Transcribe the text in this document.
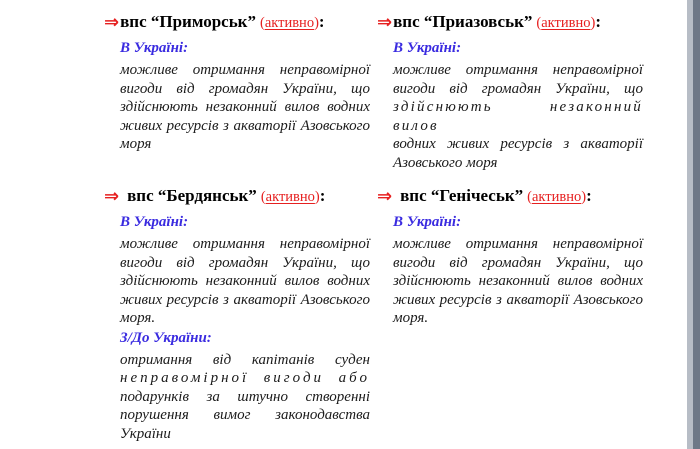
⇒впс “Приморськ” (активно):
В Україні:
можливе отримання неправомірної
вигоди від громадян України, що
здійснюють незаконний вилов водних
живих ресурсів з акваторії Азовського
моря
⇒впс “Приазовськ” (активно):
В Україні:
можливе отримання неправомірної
вигоди від громадян України, що
здійснюють незаконний вилов
водних живих ресурсів з акваторії
Азовського моря
⇒ впс “Бердянськ” (активно):
В Україні:
можливе отримання неправомірної
вигоди від громадян України, що
здійснюють незаконний вилов водних
живих ресурсів з акваторії Азовського
моря.
З/До України:
отримання від капітанів суден
неправомірної вигоди або
подарунків за штучно створенні
порушення вимог законодавства
України
⇒ впс “Генічеськ” (активно):
В Україні:
можливе отримання неправомірної
вигоди від громадян України, що
здійснюють незаконний вилов водних
живих ресурсів з акваторії Азовського
моря.
